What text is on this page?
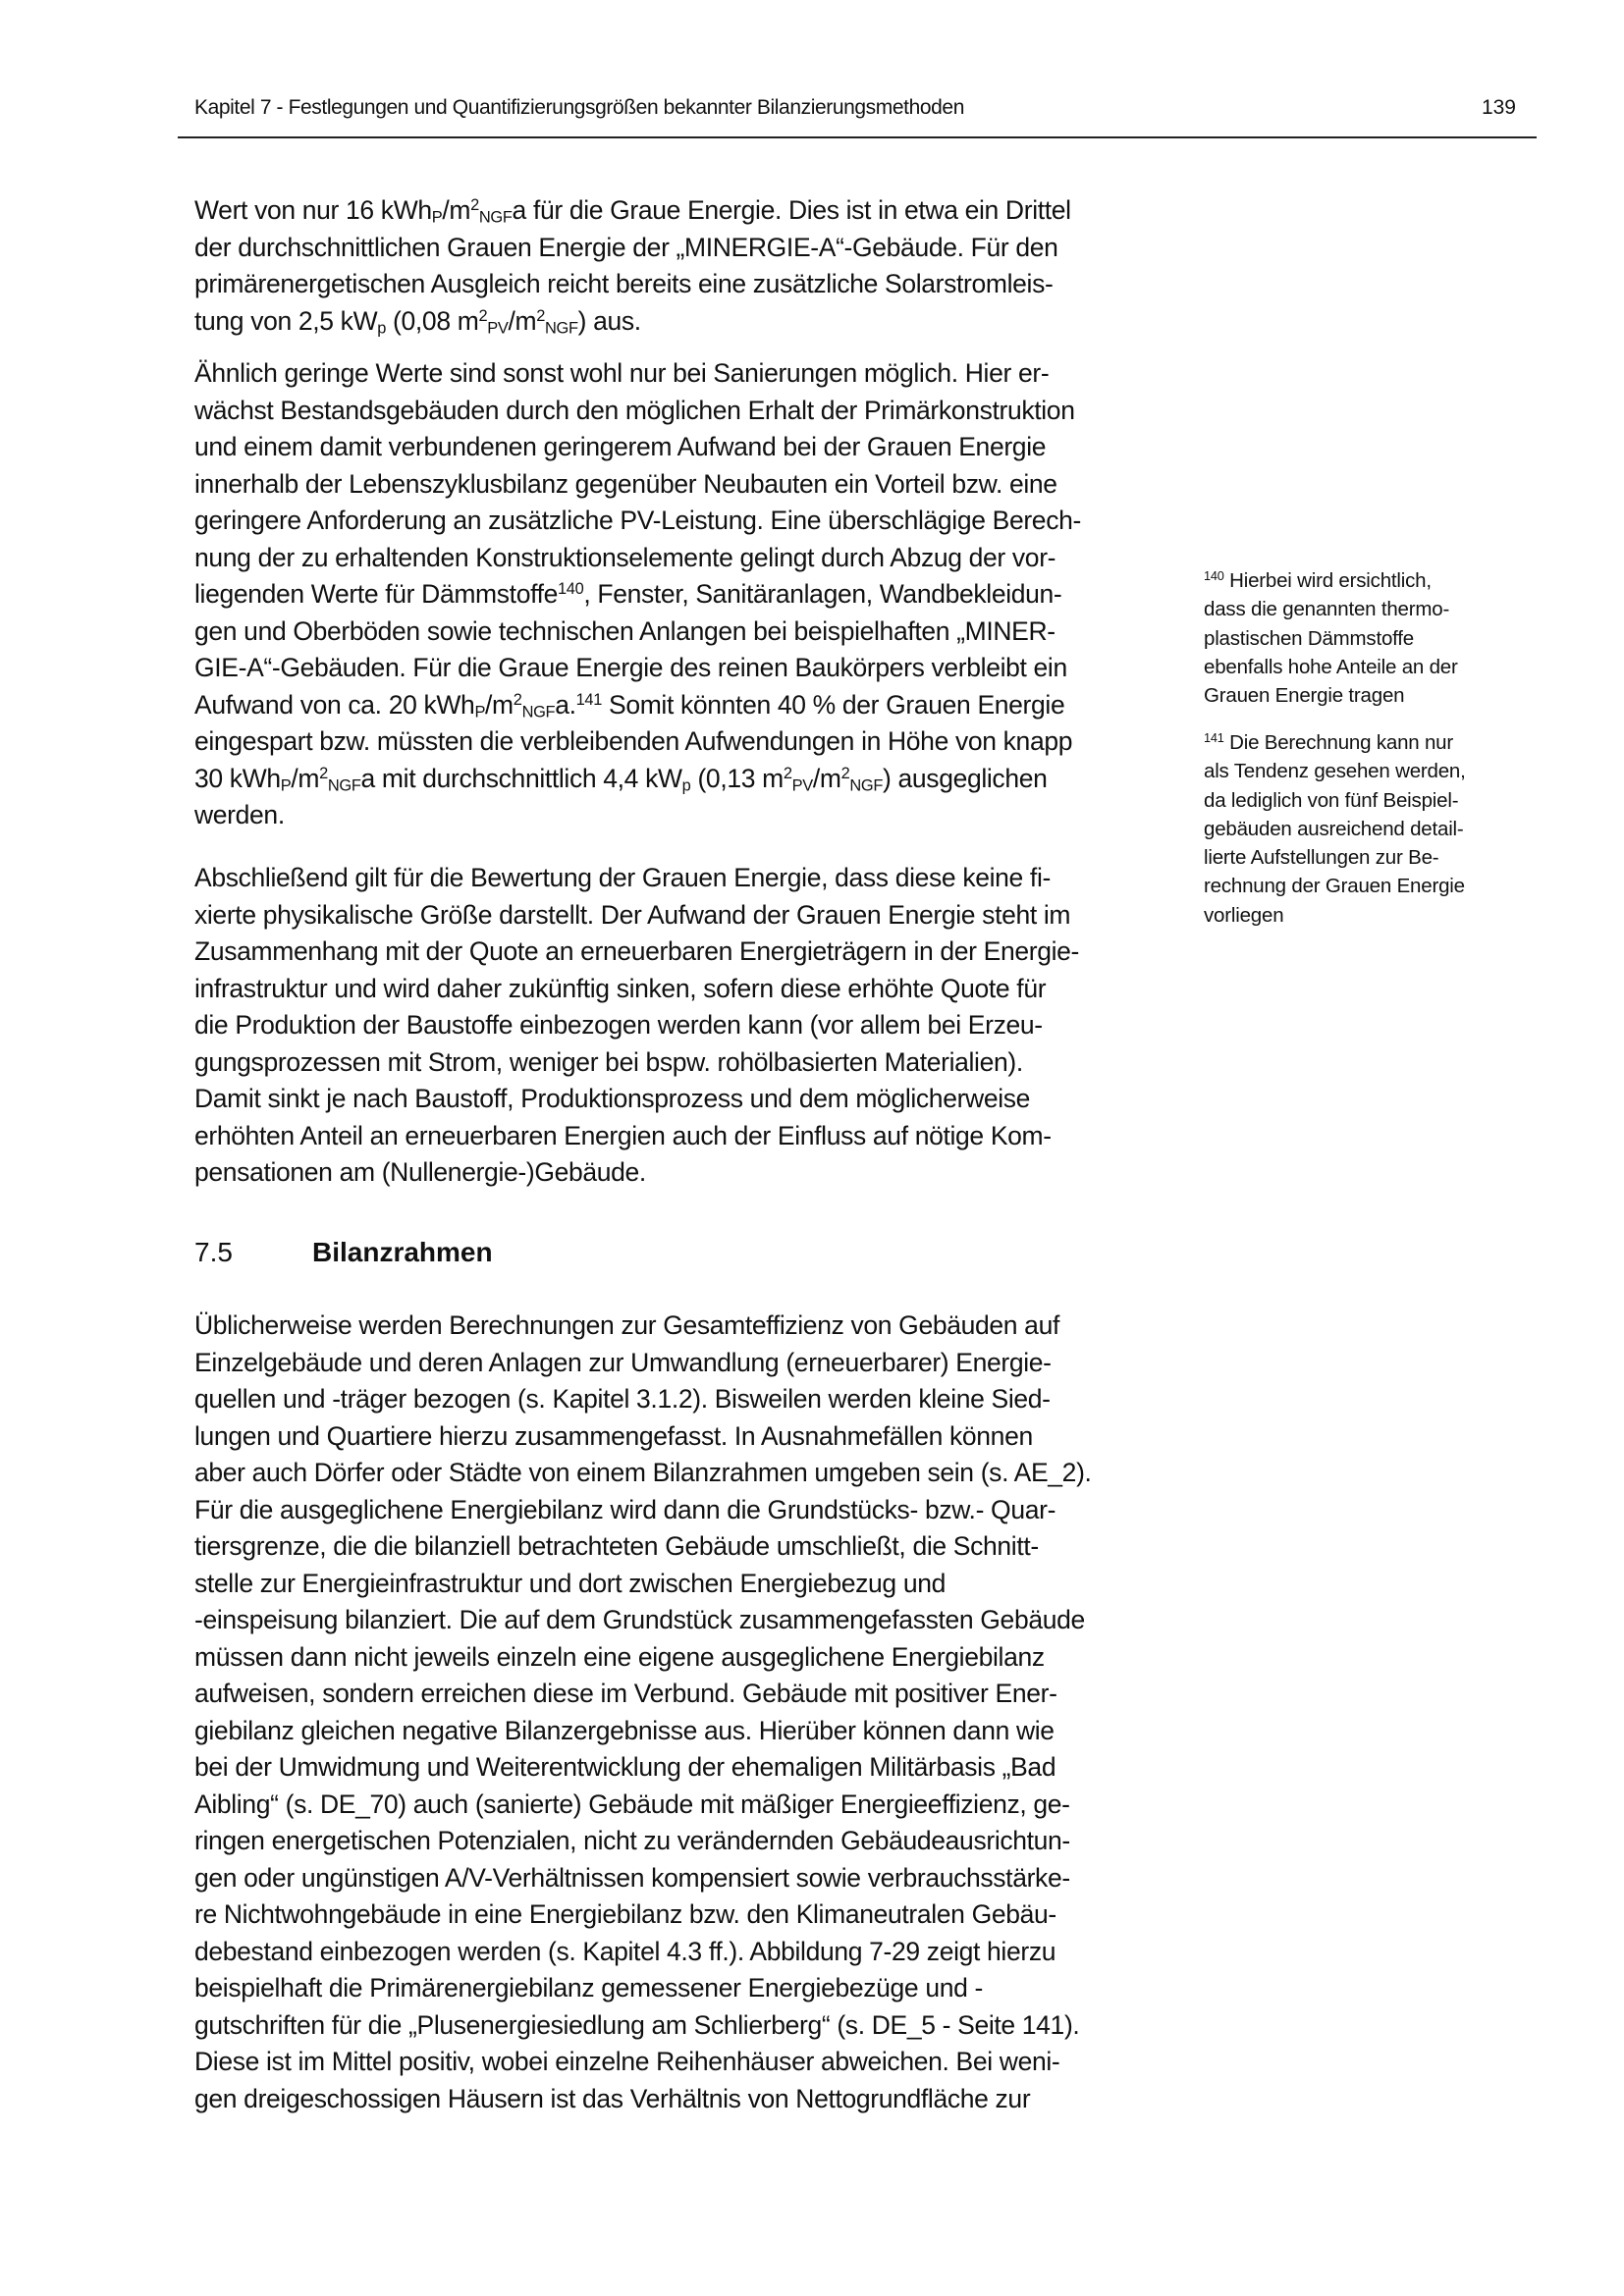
Kapitel 7 - Festlegungen und Quantifizierungsgrößen bekannter Bilanzierungsmethoden	139
Wert von nur 16 $kWh_P/m^2_{NGF}a$ für die Graue Energie. Dies ist in etwa ein Drittel
der durchschnittlichen Grauen Energie der „MINERGIE-A“-Gebäude. Für den
primärenergetischen Ausgleich reicht bereits eine zusätzliche Solarstromleis-
tung von 2,5 $kW_p$ (0,08 $m^2_{PV}/m^2_{NGF}$) aus.
Ähnlich geringe Werte sind sonst wohl nur bei Sanierungen möglich. Hier er-
wächst Bestandsgebäuden durch den möglichen Erhalt der Primärkonstruktion
und einem damit verbundenen geringerem Aufwand bei der Grauen Energie
innerhalb der Lebenszyklusbilanz gegenüber Neubauten ein Vorteil bzw. eine
geringere Anforderung an zusätzliche PV-Leistung. Eine überschlägige Berech-
nung der zu erhaltenden Konstruktionselemente gelingt durch Abzug der vor-
liegenden Werte für Dämmstoffe$^{140}$, Fenster, Sanitäranlagen, Wandbekleidun-
gen und Oberböden sowie technischen Anlangen bei beispielhaften „MINER-
GIE-A“-Gebäuden. Für die Graue Energie des reinen Baukörpers verbleibt ein
Aufwand von ca. 20 $kWh_P/m^2_{NGF}a.^{141}$ Somit könnten 40 % der Grauen Energie
eingespart bzw. müssten die verbleibenden Aufwendungen in Höhe von knapp
30 $kWh_P/m^2_{NGF}a$ mit durchschnittlich 4,4 $kW_p$ (0,13 $m^2_{PV}/m^2_{NGF}$) ausgeglichen
werden.
Abschließend gilt für die Bewertung der Grauen Energie, dass diese keine fi-
xierte physikalische Größe darstellt. Der Aufwand der Grauen Energie steht im
Zusammenhang mit der Quote an erneuerbaren Energieträgern in der Energie-
infrastruktur und wird daher zukünftig sinken, sofern diese erhöhte Quote für
die Produktion der Baustoffe einbezogen werden kann (vor allem bei Erzeu-
gungsprozessen mit Strom, weniger bei bspw. rohölbasierten Materialien).
Damit sinkt je nach Baustoff, Produktionsprozess und dem möglicherweise
erhöhten Anteil an erneuerbaren Energien auch der Einfluss auf nötige Kom-
pensationen am (Nullenergie-)Gebäude.
7.5	Bilanzrahmen
Üblicherweise werden Berechnungen zur Gesamteffizienz von Gebäuden auf
Einzelgebäude und deren Anlagen zur Umwandlung (erneuerbarer) Energie-
quellen und -träger bezogen (s. Kapitel 3.1.2). Bisweilen werden kleine Sied-
lungen und Quartiere hierzu zusammengefasst. In Ausnahmefällen können
aber auch Dörfer oder Städte von einem Bilanzrahmen umgeben sein (s. AE_2).
Für die ausgeglichene Energiebilanz wird dann die Grundstücks- bzw.- Quar-
tiersgrenze, die die bilanziell betrachteten Gebäude umschließt, die Schnitt-
stelle zur Energieinfrastruktur und dort zwischen Energiebezug und
-einspeisung bilanziert. Die auf dem Grundstück zusammengefassten Gebäude
müssen dann nicht jeweils einzeln eine eigene ausgeglichene Energiebilanz
aufweisen, sondern erreichen diese im Verbund. Gebäude mit positiver Ener-
giebilanz gleichen negative Bilanzergebnisse aus. Hierüber können dann wie
bei der Umwidmung und Weiterentwicklung der ehemaligen Militärbasis „Bad
Aibling“ (s. DE_70) auch (sanierte) Gebäude mit mäßiger Energieeffizienz, ge-
ringen energetischen Potenzialen, nicht zu verändernden Gebäudeausrichtun-
gen oder ungünstigen A/V-Verhältnissen kompensiert sowie verbrauchsstärke-
re Nichtwohngebäude in eine Energiebilanz bzw. den Klimaneutralen Gebäu-
debestand einbezogen werden (s. Kapitel 4.3 ff.). Abbildung 7-29 zeigt hierzu
beispielhaft die Primärenergiebilanz gemessener Energiebezüge und -
gutschriften für die „Plusenergiesiedlung am Schlierberg“ (s. DE_5 - Seite 141).
Diese ist im Mittel positiv, wobei einzelne Reihenhäuser abweichen. Bei weni-
gen dreigeschossigen Häusern ist das Verhältnis von Nettogrundfläche zur
$^{140}$ Hierbei wird ersichtlich,
dass die genannten thermo-
plastischen Dämmstoffe
ebenfalls hohe Anteile an der
Grauen Energie tragen
$^{141}$ Die Berechnung kann nur
als Tendenz gesehen werden,
da lediglich von fünf Beispiel-
gebäuden ausreichend detail-
lierte Aufstellungen zur Be-
rechnung der Grauen Energie
vorliegen
